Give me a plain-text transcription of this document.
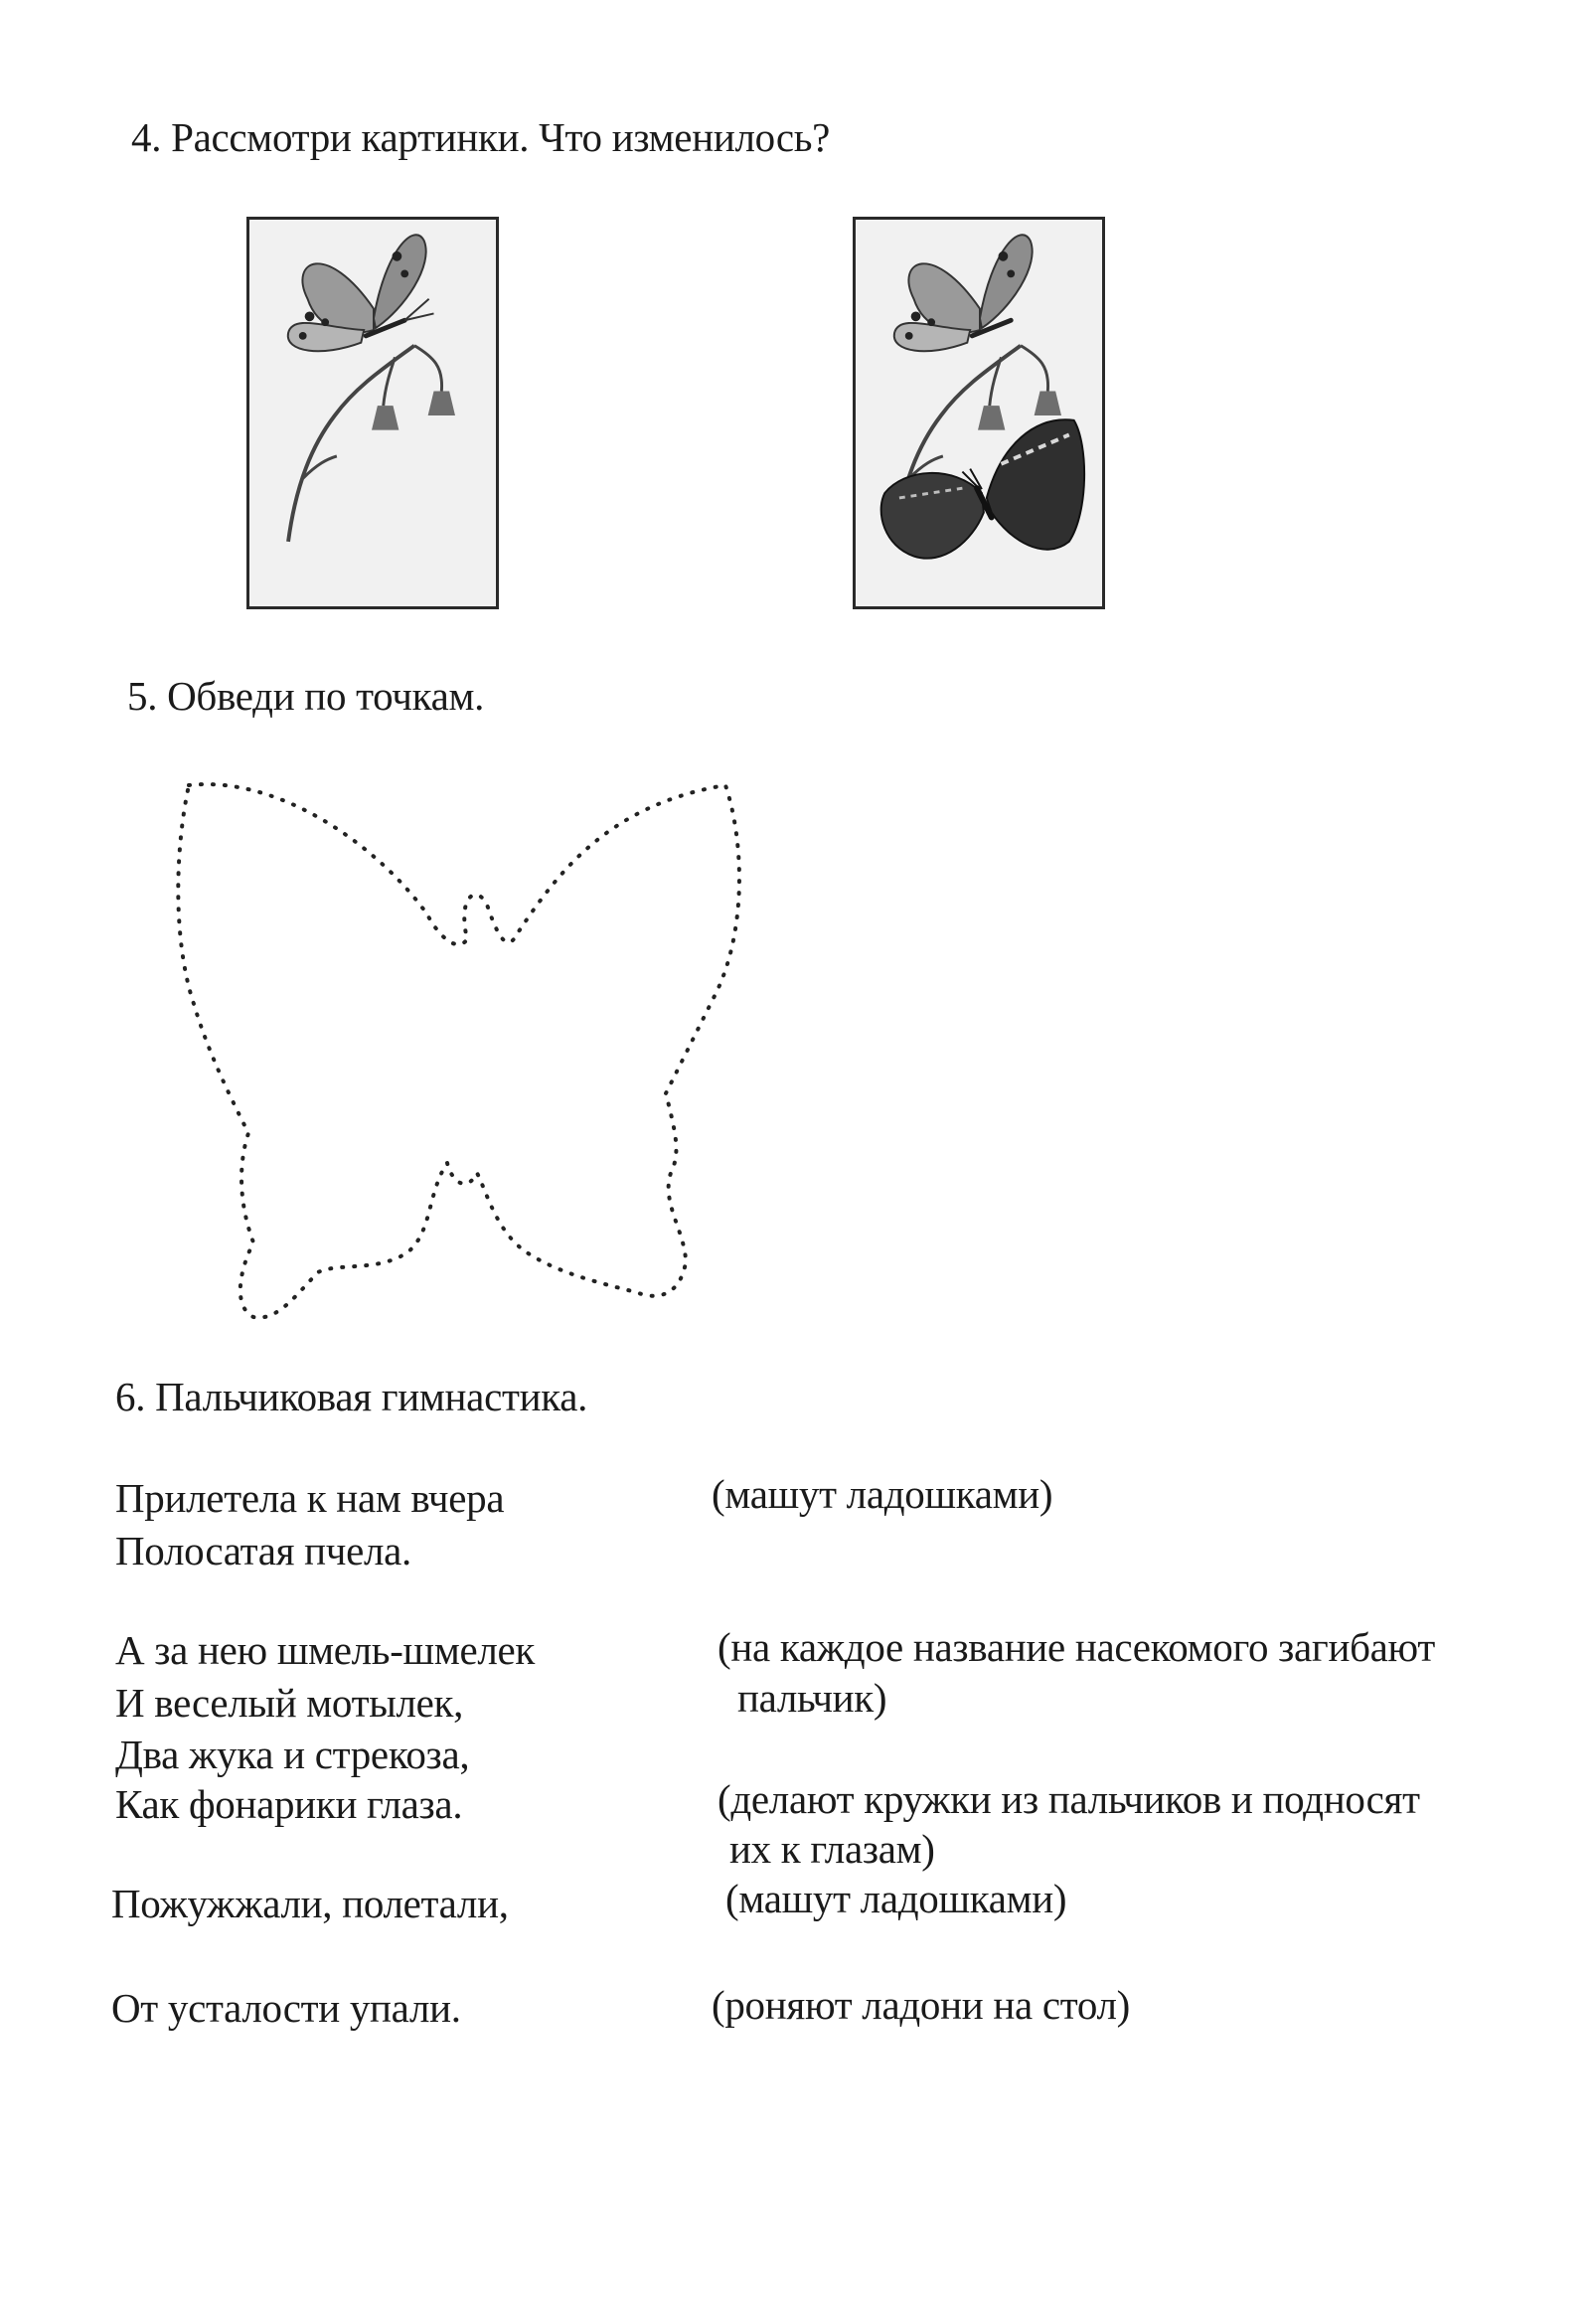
4. Рассмотри картинки. Что изменилось?
5. Обведи по точкам.
6. Пальчиковая гимнастика.
Прилетела к нам вчера	(машут ладошками)
Полосатая пчела.
А за нею шмель-шмелек	(на каждое название насекомого загибают
И веселый мотылек,	пальчик)
Два жука и стрекоза,
Как фонарики глаза.	(делают кружки из пальчиков и подносят
их к глазам)
Пожужжали, полетали,	(машут ладошками)
От усталости упали.	(роняют ладони на стол)
